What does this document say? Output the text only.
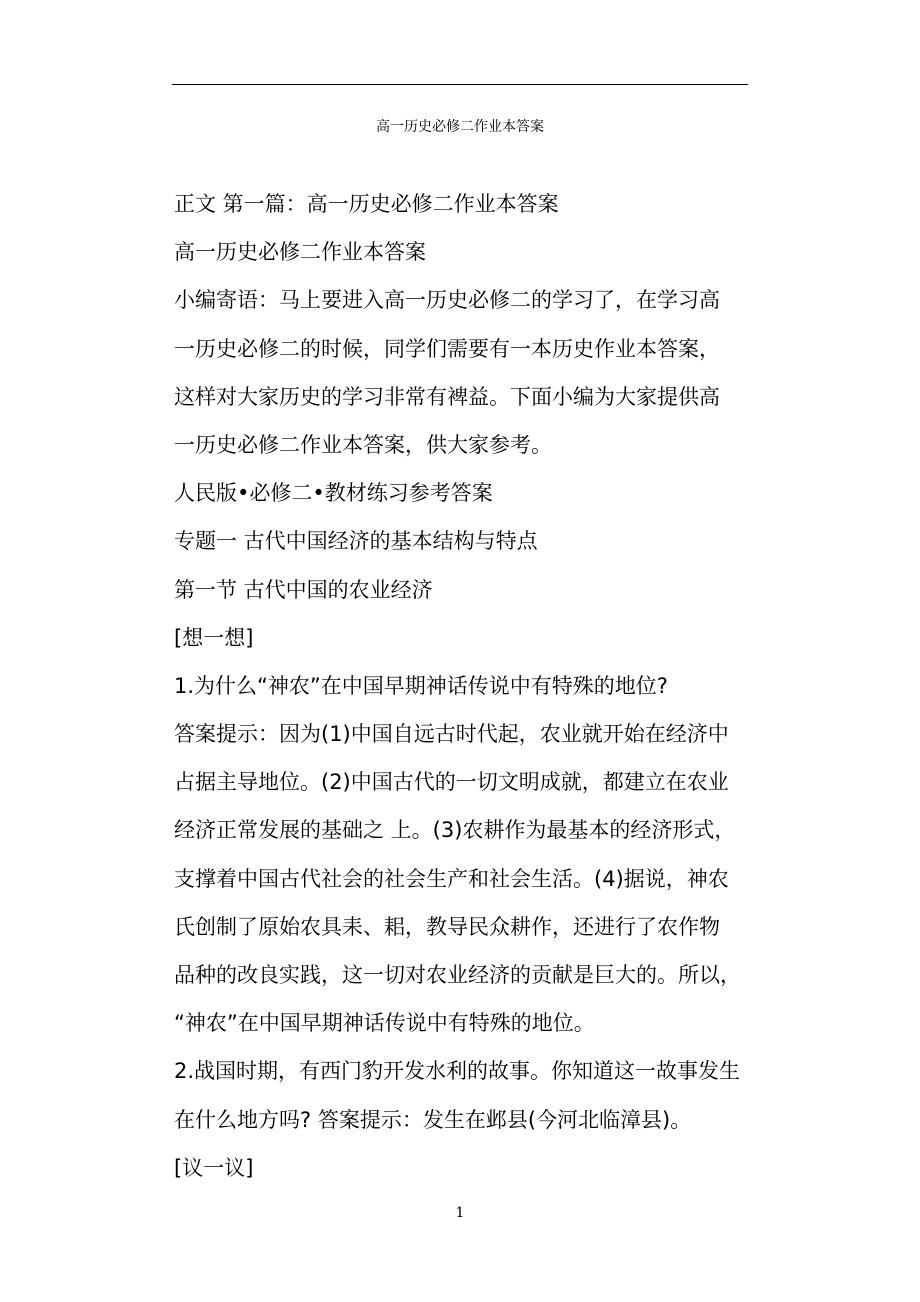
高一历史必修二作业本答案
正文 第一篇：高一历史必修二作业本答案
高一历史必修二作业本答案
小编寄语：马上要进入高一历史必修二的学习了，在学习高
一历史必修二的时候，同学们需要有一本历史作业本答案，
这样对大家历史的学习非常有裨益。下面小编为大家提供高
一历史必修二作业本答案，供大家参考。
人民版•必修二•教材练习参考答案
专题一 古代中国经济的基本结构与特点
第一节 古代中国的农业经济
[想一想]
1.为什么“神农”在中国早期神话传说中有特殊的地位?
答案提示：因为(1)中国自远古时代起，农业就开始在经济中
占据主导地位。(2)中国古代的一切文明成就，都建立在农业
经济正常发展的基础之 上。(3)农耕作为最基本的经济形式，
支撑着中国古代社会的社会生产和社会生活。(4)据说，神农
氏创制了原始农具耒、耜，教导民众耕作，还进行了农作物
品种的改良实践，这一切对农业经济的贡献是巨大的。所以，
“神农”在中国早期神话传说中有特殊的地位。
2.战国时期，有西门豹开发水利的故事。你知道这一故事发生
在什么地方吗? 答案提示：发生在邺县(今河北临漳县)。
[议一议]
1
